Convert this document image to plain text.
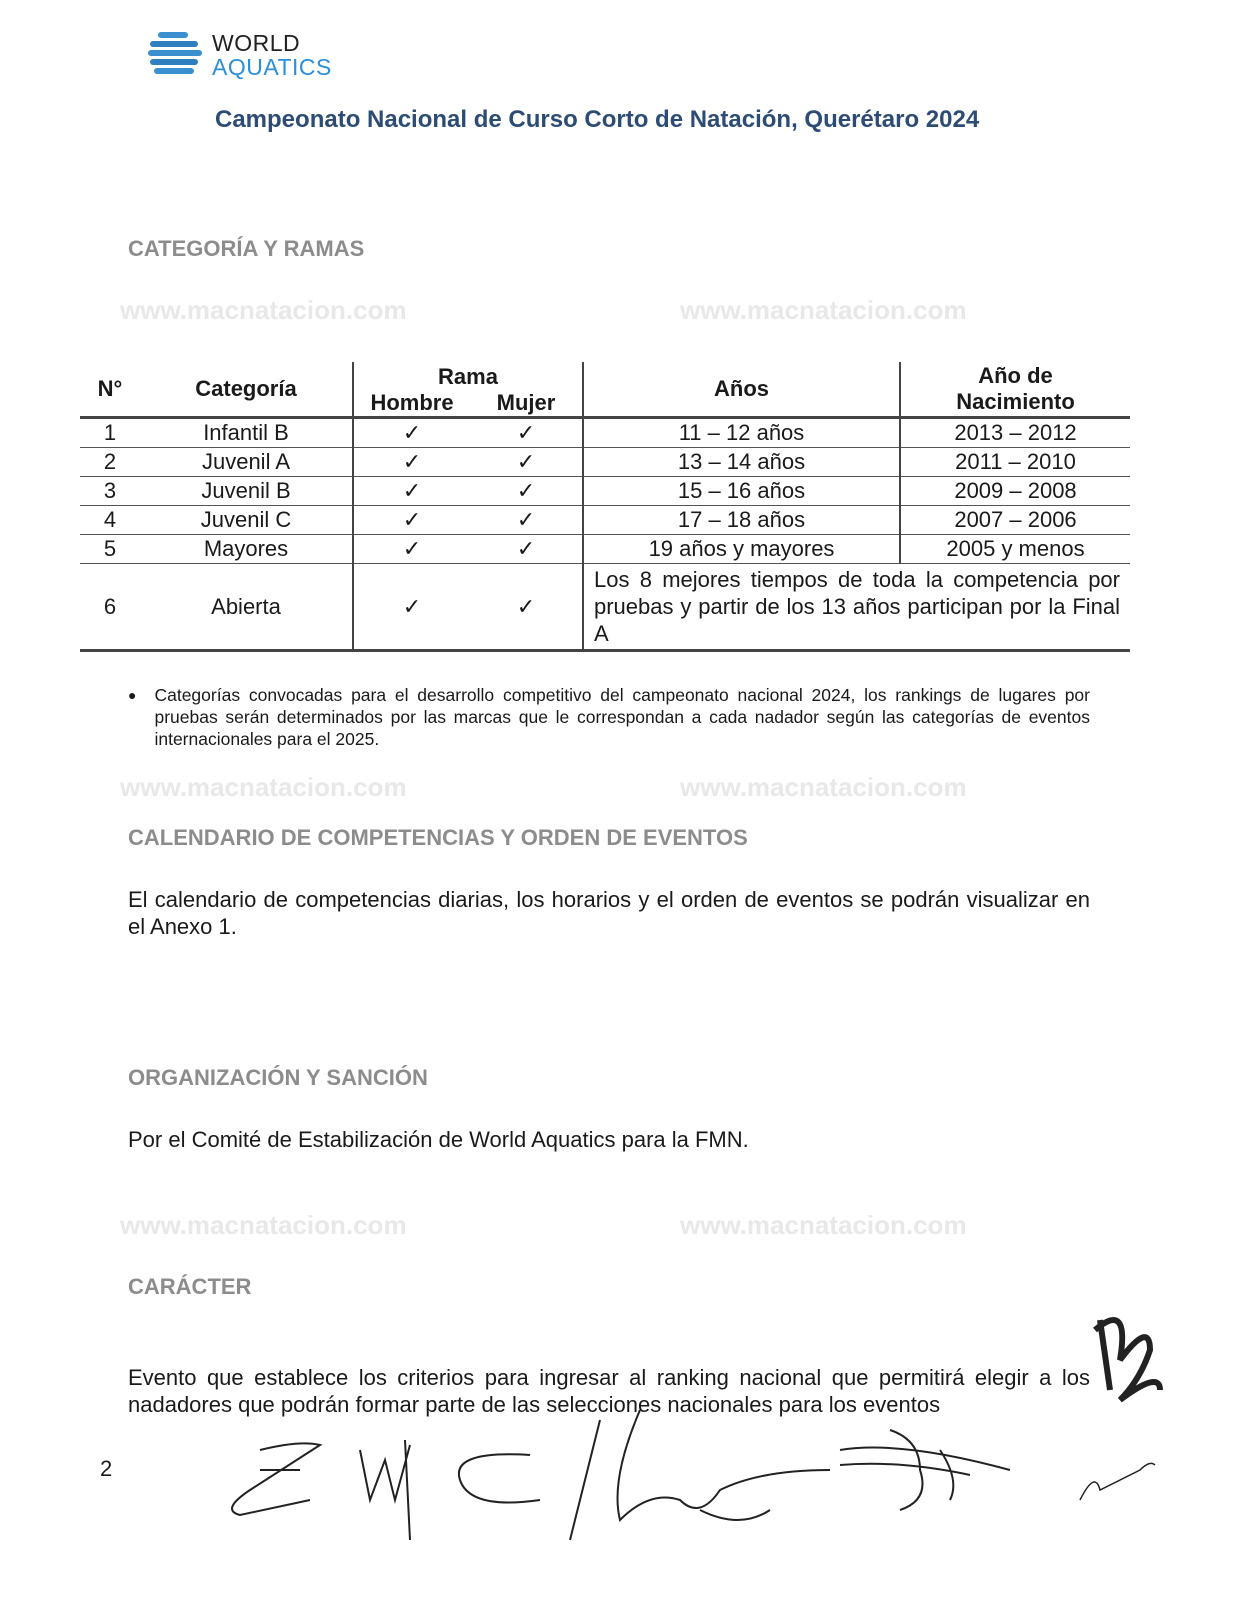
WORLD
AQUATICS
Campeonato Nacional de Curso Corto de Natación, Querétaro 2024
www.macnatacion.com	www.macnatacion.com
www.macnatacion.com	www.macnatacion.com
www.macnatacion.com	www.macnatacion.com
CATEGORÍA Y RAMAS
N°	Categoría	Rama		Años	Año de
Nacimiento
		Hombre	Mujer		
1	Infantil B	✓	✓	11 – 12 años	2013 – 2012
2	Juvenil A	✓	✓	13 – 14 años	2011 – 2010
3	Juvenil B	✓	✓	15 – 16 años	2009 – 2008
4	Juvenil C	✓	✓	17 – 18 años	2007 – 2006
5	Mayores	✓	✓	19 años y mayores	2005 y menos
6	Abierta	✓	✓	Los 8 mejores tiempos de toda la competencia por pruebas y partir de los 13 años participan por la Final A	
● Categorías convocadas para el desarrollo competitivo del campeonato nacional 2024, los rankings de lugares por pruebas serán determinados por las marcas que le correspondan a cada nadador según las categorías de eventos internacionales para el 2025.
CALENDARIO DE COMPETENCIAS Y ORDEN DE EVENTOS
El calendario de competencias diarias, los horarios y el orden de eventos se podrán visualizar en el Anexo 1.
ORGANIZACIÓN Y SANCIÓN
Por el Comité de Estabilización de World Aquatics para la FMN.
CARÁCTER
Evento que establece los criterios para ingresar al ranking nacional que permitirá elegir a los nadadores que podrán formar parte de las selecciones nacionales para los eventos
2
